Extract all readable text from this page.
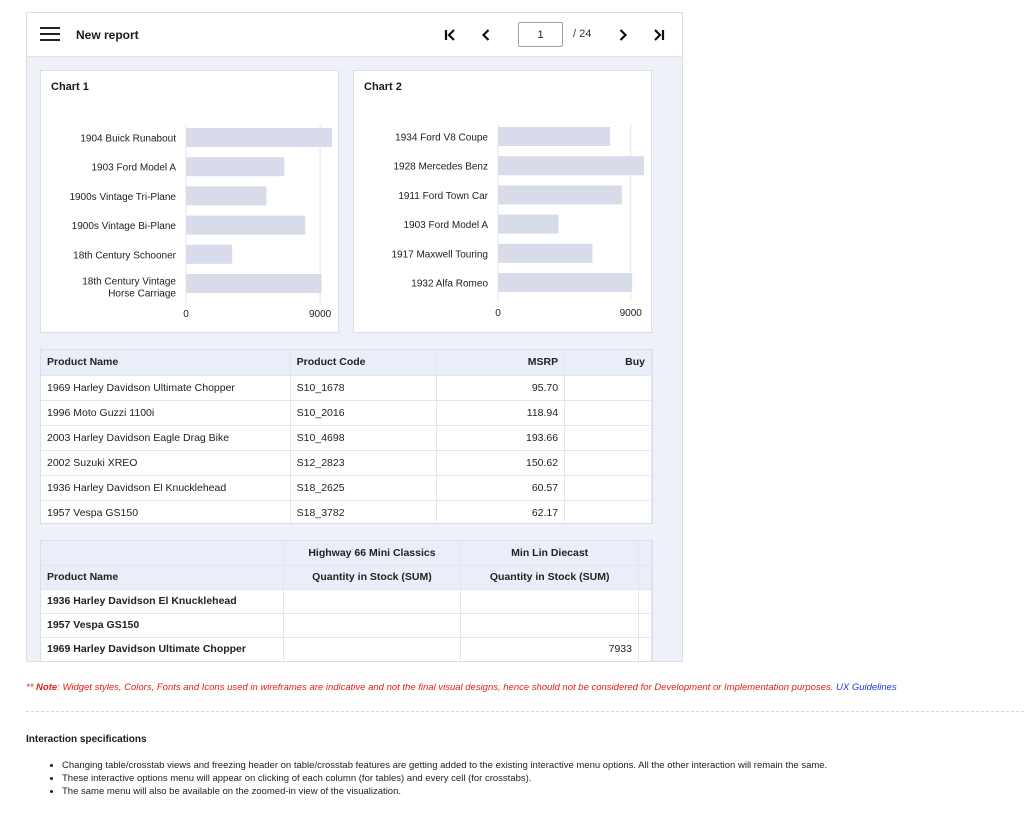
New report
1	/ 24
Chart 1
1904 Buick Runabout
1903 Ford Model A
1900s Vintage Tri-Plane
1900s Vintage Bi-Plane
18th Century Schooner
18th Century Vintage Horse Carriage
0	9000
Chart 2
1934 Ford V8 Coupe
1928 Mercedes Benz
1911 Ford Town Car
1903 Ford Model A
1917 Maxwell Touring
1932 Alfa Romeo
0	9000
Product Name	Product Code	MSRP	Buy
1969 Harley Davidson Ultimate Chopper	S10_1678	95.70	
1996 Moto Guzzi 1100i	S10_2016	118.94	
2003 Harley Davidson Eagle Drag Bike	S10_4698	193.66	
2002 Suzuki XREO	S12_2823	150.62	
1936 Harley Davidson El Knucklehead	S18_2625	60.57	
1957 Vespa GS150	S18_3782	62.17	
	Highway 66 Mini Classics	Min Lin Diecast	
Product Name	Quantity in Stock (SUM)	Quantity in Stock (SUM)	
1936 Harley Davidson El Knucklehead			
1957 Vespa GS150			
1969 Harley Davidson Ultimate Chopper		7933	
** Note: Widget styles, Colors, Fonts and Icons used in wireframes are indicative and not the final visual designs, hence should not be considered for Development or Implementation purposes. UX Guidelines
Interaction specifications
• Changing table/crosstab views and freezing header on table/crosstab features are getting added to the existing interactive menu options. All the other interaction will remain the same.
• These interactive options menu will appear on clicking of each column (for tables) and every cell (for crosstabs).
• The same menu will also be available on the zoomed-in view of the visualization.
